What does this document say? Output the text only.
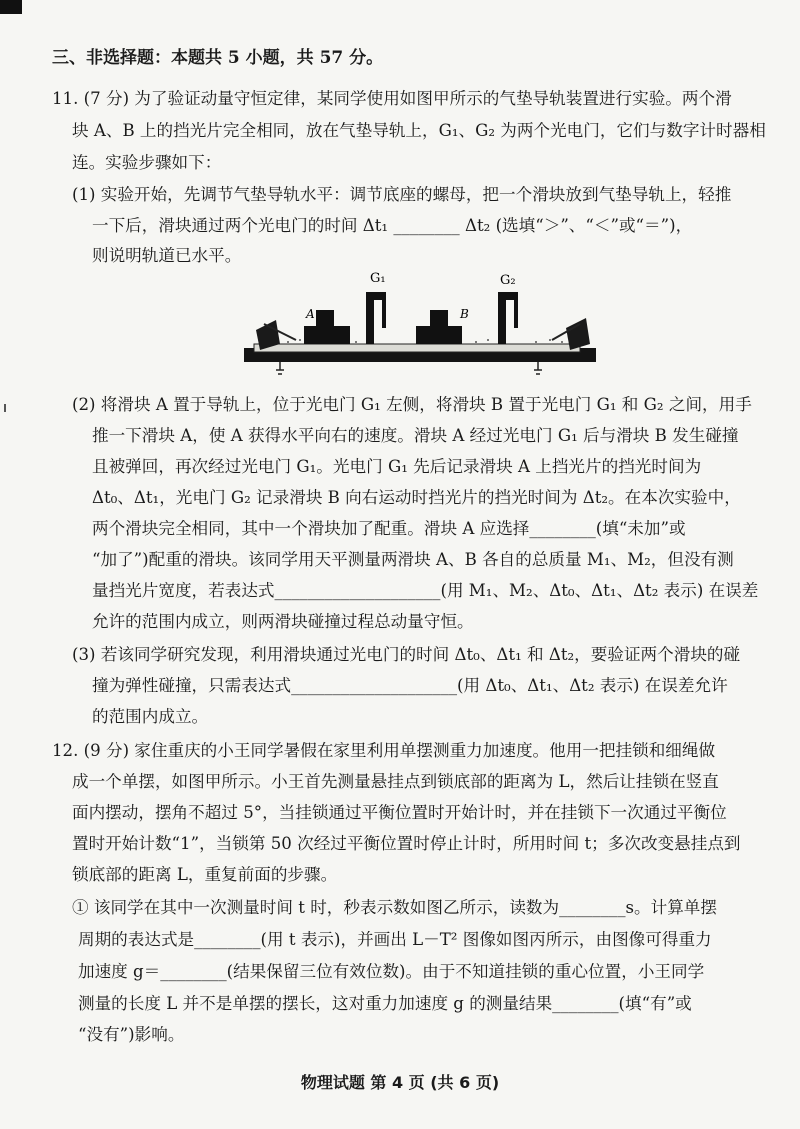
三、非选择题：本题共 5 小题，共 57 分。
11. (7 分) 为了验证动量守恒定律，某同学使用如图甲所示的气垫导轨装置进行实验。两个滑
块 A、B 上的挡光片完全相同，放在气垫导轨上，G₁、G₂ 为两个光电门，它们与数字计时器相
连。实验步骤如下：
(1) 实验开始，先调节气垫导轨水平：调节底座的螺母，把一个滑块放到气垫导轨上，轻推
一下后，滑块通过两个光电门的时间 Δt₁ ________ Δt₂ (选填“＞”、“＜”或“＝”)，
则说明轨道已水平。
G₁	G₂
A	B
(2) 将滑块 A 置于导轨上，位于光电门 G₁ 左侧，将滑块 B 置于光电门 G₁ 和 G₂ 之间，用手
推一下滑块 A，使 A 获得水平向右的速度。滑块 A 经过光电门 G₁ 后与滑块 B 发生碰撞
且被弹回，再次经过光电门 G₁。光电门 G₁ 先后记录滑块 A 上挡光片的挡光时间为
Δt₀、Δt₁，光电门 G₂ 记录滑块 B 向右运动时挡光片的挡光时间为 Δt₂。在本次实验中，
两个滑块完全相同，其中一个滑块加了配重。滑块 A 应选择________(填“未加”或
“加了”)配重的滑块。该同学用天平测量两滑块 A、B 各自的总质量 M₁、M₂，但没有测
量挡光片宽度，若表达式____________________(用 M₁、M₂、Δt₀、Δt₁、Δt₂ 表示) 在误差
允许的范围内成立，则两滑块碰撞过程总动量守恒。
(3) 若该同学研究发现，利用滑块通过光电门的时间 Δt₀、Δt₁ 和 Δt₂，要验证两个滑块的碰
撞为弹性碰撞，只需表达式____________________(用 Δt₀、Δt₁、Δt₂ 表示) 在误差允许
的范围内成立。
12. (9 分) 家住重庆的小王同学暑假在家里利用单摆测重力加速度。他用一把挂锁和细绳做
成一个单摆，如图甲所示。小王首先测量悬挂点到锁底部的距离为 L，然后让挂锁在竖直
面内摆动，摆角不超过 5°，当挂锁通过平衡位置时开始计时，并在挂锁下一次通过平衡位
置时开始计数“1”，当锁第 50 次经过平衡位置时停止计时，所用时间 t；多次改变悬挂点到
锁底部的距离 L，重复前面的步骤。
① 该同学在其中一次测量时间 t 时，秒表示数如图乙所示，读数为________s。计算单摆
周期的表达式是________(用 t 表示)，并画出 L－T² 图像如图丙所示，由图像可得重力
加速度 g＝________(结果保留三位有效位数)。由于不知道挂锁的重心位置，小王同学
测量的长度 L 并不是单摆的摆长，这对重力加速度 g 的测量结果________(填“有”或
“没有”)影响。
物理试题 第 4 页 (共 6 页)
